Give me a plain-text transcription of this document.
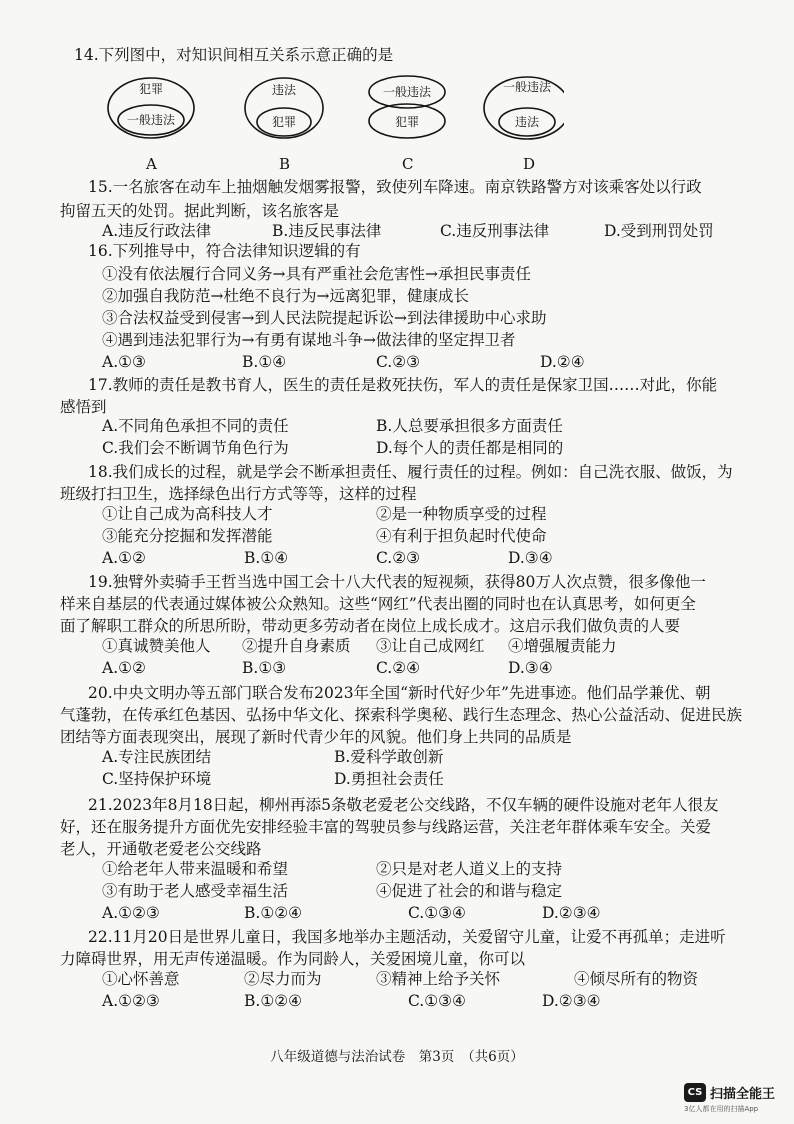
14.下列图中，对知识间相互关系示意正确的是
犯罪
一般违法
违法
犯罪
一般违法
犯罪
一般违法
违法
A	B	C	D
15.一名旅客在动车上抽烟触发烟雾报警，致使列车降速。南京铁路警方对该乘客处以行政
拘留五天的处罚。据此判断，该名旅客是
A.违反行政法律	B.违反民事法律	C.违反刑事法律	D.受到刑罚处罚
16.下列推导中，符合法律知识逻辑的有
①没有依法履行合同义务→具有严重社会危害性→承担民事责任
②加强自我防范→杜绝不良行为→远离犯罪，健康成长
③合法权益受到侵害→到人民法院提起诉讼→到法律援助中心求助
④遇到违法犯罪行为→有勇有谋地斗争→做法律的坚定捍卫者
A.①③	B.①④	C.②③	D.②④
17.教师的责任是教书育人，医生的责任是救死扶伤，军人的责任是保家卫国……对此，你能
感悟到
A.不同角色承担不同的责任	B.人总要承担很多方面责任
C.我们会不断调节角色行为	D.每个人的责任都是相同的
18.我们成长的过程，就是学会不断承担责任、履行责任的过程。例如：自己洗衣服、做饭，为
班级打扫卫生，选择绿色出行方式等等，这样的过程
①让自己成为高科技人才	②是一种物质享受的过程
③能充分挖掘和发挥潜能	④有利于担负起时代使命
A.①②	B.①④	C.②③	D.③④
19.独臂外卖骑手王哲当选中国工会十八大代表的短视频，获得80万人次点赞，很多像他一
样来自基层的代表通过媒体被公众熟知。这些“网红”代表出圈的同时也在认真思考，如何更全
面了解职工群众的所思所盼，带动更多劳动者在岗位上成长成才。这启示我们做负责的人要
①真诚赞美他人 ②提升自身素质 ③让自己成网红 ④增强履责能力
A.①②	B.①③	C.②④	D.③④
20.中央文明办等五部门联合发布2023年全国“新时代好少年”先进事迹。他们品学兼优、朝
气蓬勃，在传承红色基因、弘扬中华文化、探索科学奥秘、践行生态理念、热心公益活动、促进民族
团结等方面表现突出，展现了新时代青少年的风貌。他们身上共同的品质是
A.专注民族团结	B.爱科学敢创新
C.坚持保护环境	D.勇担社会责任
21.2023年8月18日起，柳州再添5条敬老爱老公交线路，不仅车辆的硬件设施对老年人很友
好，还在服务提升方面优先安排经验丰富的驾驶员参与线路运营，关注老年群体乘车安全。关爱
老人，开通敬老爱老公交线路
①给老年人带来温暖和希望	②只是对老人道义上的支持
③有助于老人感受幸福生活	④促进了社会的和谐与稳定
A.①②③	B.①②④	C.①③④	D.②③④
22.11月20日是世界儿童日，我国多地举办主题活动，关爱留守儿童，让爱不再孤单；走进听
力障碍世界，用无声传递温暖。作为同龄人，关爱困境儿童，你可以
①心怀善意	②尽力而为	③精神上给予关怀	④倾尽所有的物资
A.①②③	B.①②④	C.①③④	D.②③④
八年级道德与法治试卷　第3页　（共6页）
CS 扫描全能王
3亿人都在用的扫描App
